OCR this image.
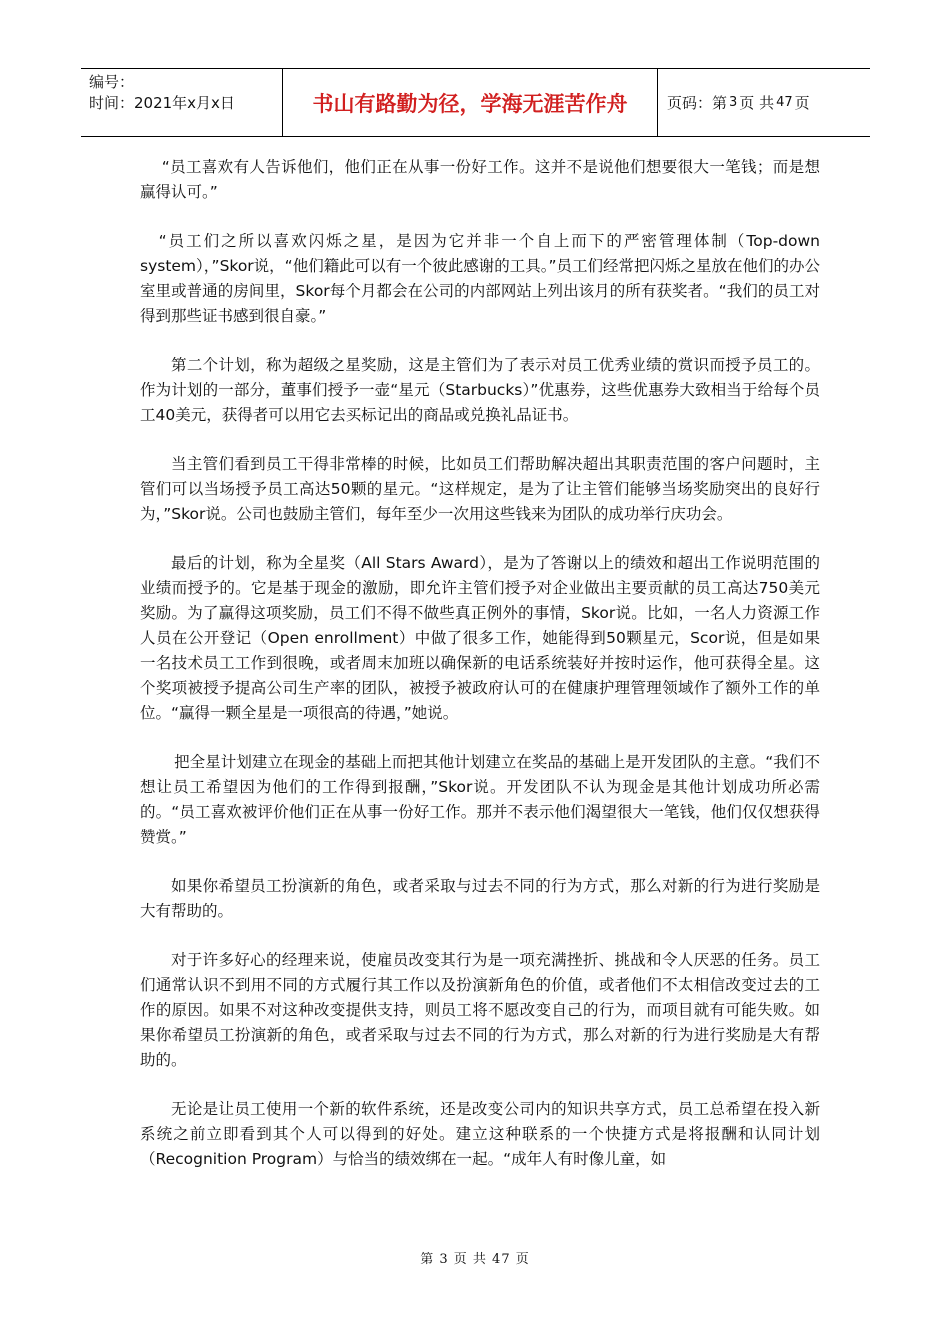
编号：
时间：2021年x月x日	书山有路勤为径，学海无涯苦作舟	页码：第 3 页 共 47 页

“员工喜欢有人告诉他们，他们正在从事一份好工作。这并不是说他们想要很大一笔钱；而是想赢得认可。”

“员工们之所以喜欢闪烁之星，是因为它并非一个自上而下的严密管理体制（Top-down system），”Skor说，“他们籍此可以有一个彼此感谢的工具。”员工们经常把闪烁之星放在他们的办公室里或普通的房间里，Skor每个月都会在公司的内部网站上列出该月的所有获奖者。“我们的员工对得到那些证书感到很自豪。”

第二个计划，称为超级之星奖励，这是主管们为了表示对员工优秀业绩的赏识而授予员工的。作为计划的一部分，董事们授予一壶“星元（Starbucks）”优惠券，这些优惠券大致相当于给每个员工40美元，获得者可以用它去买标记出的商品或兑换礼品证书。

当主管们看到员工干得非常棒的时候，比如员工们帮助解决超出其职责范围的客户问题时，主管们可以当场授予员工高达50颗的星元。“这样规定，是为了让主管们能够当场奖励突出的良好行为，”Skor说。公司也鼓励主管们，每年至少一次用这些钱来为团队的成功举行庆功会。

最后的计划，称为全星奖（All Stars Award），是为了答谢以上的绩效和超出工作说明范围的业绩而授予的。它是基于现金的激励，即允许主管们授予对企业做出主要贡献的员工高达750美元奖励。为了赢得这项奖励，员工们不得不做些真正例外的事情，Skor说。比如，一名人力资源工作人员在公开登记（Open enrollment）中做了很多工作，她能得到50颗星元，Scor说，但是如果一名技术员工工作到很晚，或者周末加班以确保新的电话系统装好并按时运作，他可获得全星。这个奖项被授予提高公司生产率的团队，被授予被政府认可的在健康护理管理领域作了额外工作的单位。“赢得一颗全星是一项很高的待遇，”她说。

把全星计划建立在现金的基础上而把其他计划建立在奖品的基础上是开发团队的主意。“我们不想让员工希望因为他们的工作得到报酬，”Skor说。开发团队不认为现金是其他计划成功所必需的。“员工喜欢被评价他们正在从事一份好工作。那并不表示他们渴望很大一笔钱，他们仅仅想获得赞赏。”

如果你希望员工扮演新的角色，或者采取与过去不同的行为方式，那么对新的行为进行奖励是大有帮助的。

对于许多好心的经理来说，使雇员改变其行为是一项充满挫折、挑战和令人厌恶的任务。员工们通常认识不到用不同的方式履行其工作以及扮演新角色的价值，或者他们不太相信改变过去的工作的原因。如果不对这种改变提供支持，则员工将不愿改变自己的行为，而项目就有可能失败。如果你希望员工扮演新的角色，或者采取与过去不同的行为方式，那么对新的行为进行奖励是大有帮助的。

无论是让员工使用一个新的软件系统，还是改变公司内的知识共享方式，员工总希望在投入新系统之前立即看到其个人可以得到的好处。建立这种联系的一个快捷方式是将报酬和认同计划（Recognition Program）与恰当的绩效绑在一起。“成年人有时像儿童，如

第 3 页 共 47 页
